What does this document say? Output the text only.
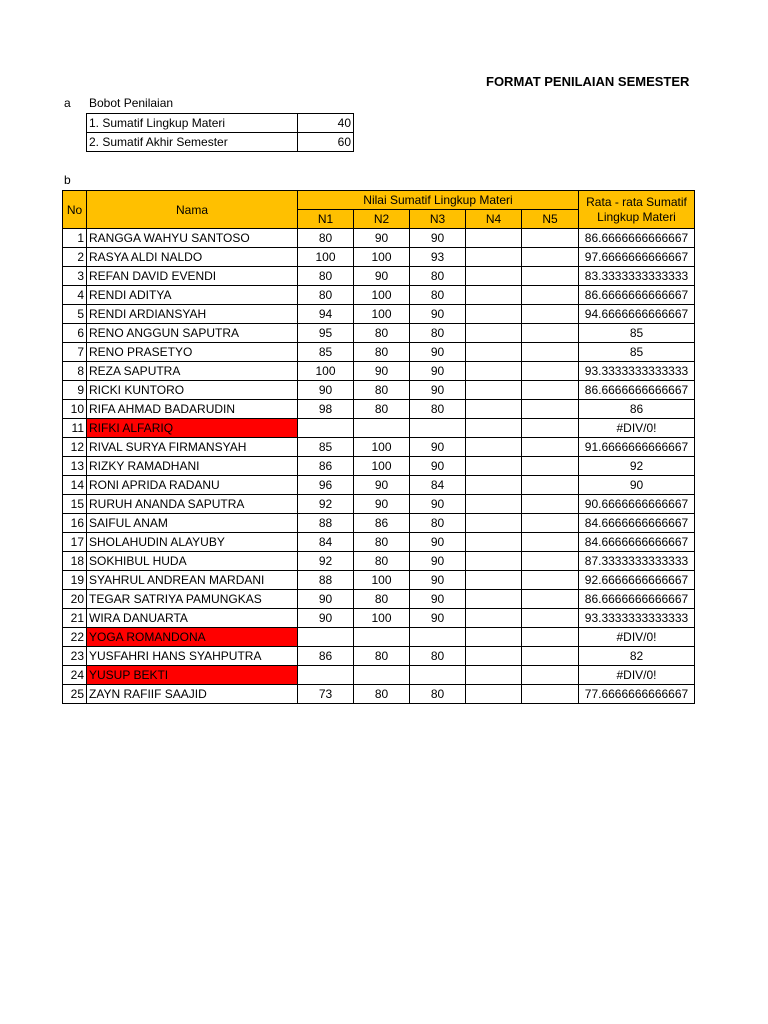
FORMAT PENILAIAN SEMESTER
a Bobot Penilaian
1. Sumatif Lingkup Materi	40
2. Sumatif Akhir Semester	60
b
No	Nama	Nilai Sumatif Lingkup Materi					Rata - rata Sumatif Lingkup Materi
		N1	N2	N3	N4	N5	
1	RANGGA WAHYU SANTOSO	80	90	90			86.6666666666667
2	RASYA ALDI NALDO	100	100	93			97.6666666666667
3	REFAN DAVID EVENDI	80	90	80			83.3333333333333
4	RENDI ADITYA	80	100	80			86.6666666666667
5	RENDI ARDIANSYAH	94	100	90			94.6666666666667
6	RENO ANGGUN SAPUTRA	95	80	80			85
7	RENO PRASETYO	85	80	90			85
8	REZA SAPUTRA	100	90	90			93.3333333333333
9	RICKI KUNTORO	90	80	90			86.6666666666667
10	RIFA AHMAD BADARUDIN	98	80	80			86
11	RIFKI ALFARIQ						#DIV/0!
12	RIVAL SURYA FIRMANSYAH	85	100	90			91.6666666666667
13	RIZKY RAMADHANI	86	100	90			92
14	RONI APRIDA RADANU	96	90	84			90
15	RURUH ANANDA SAPUTRA	92	90	90			90.6666666666667
16	SAIFUL ANAM	88	86	80			84.6666666666667
17	SHOLAHUDIN ALAYUBY	84	80	90			84.6666666666667
18	SOKHIBUL HUDA	92	80	90			87.3333333333333
19	SYAHRUL ANDREAN MARDANI	88	100	90			92.6666666666667
20	TEGAR SATRIYA PAMUNGKAS	90	80	90			86.6666666666667
21	WIRA DANUARTA	90	100	90			93.3333333333333
22	YOGA ROMANDONA						#DIV/0!
23	YUSFAHRI HANS SYAHPUTRA	86	80	80			82
24	YUSUP BEKTI						#DIV/0!
25	ZAYN RAFIIF SAAJID	73	80	80			77.6666666666667
